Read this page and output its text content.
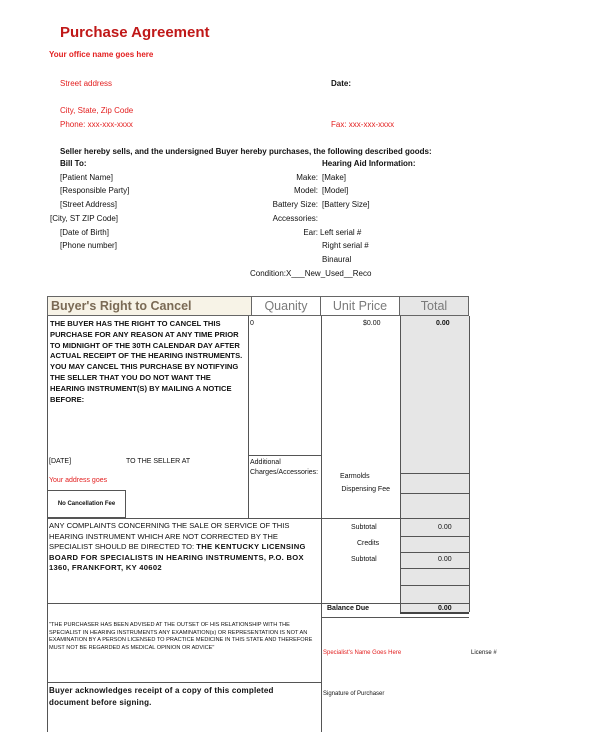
Purchase Agreement
Your office name goes here
Street address	Date:
City, State, Zip Code
Phone: xxx-xxx-xxxx	Fax: xxx-xxx-xxxx
Seller hereby sells, and the undersigned Buyer hereby purchases, the following described goods:
Bill To:	Hearing Aid Information:
[Patient Name]
[Responsible Party]
[Street Address]
[City, ST ZIP Code]
[Date of Birth]
[Phone number]
Make: [Make]
Model: [Model]
Battery Size: [Battery Size]
Accessories:
Ear: Left serial #
Right serial #
Binaural
Condition:X___New_Used__Reco
Buyer's Right to Cancel	Quanity Unit Price	Total
THE BUYER HAS THE RIGHT TO CANCEL THIS PURCHASE FOR ANY REASON AT ANY TIME PRIOR TO MIDNIGHT OF THE 30TH CALENDAR DAY AFTER ACTUAL RECEIPT OF THE HEARING INSTRUMENTS. YOU MAY CANCEL THIS PURCHASE BY NOTIFYING THE SELLER THAT YOU DO NOT WANT THE HEARING INSTRUMENT(S) BY MAILING A NOTICE BEFORE:
0	$0.00	0.00
[DATE]	TO THE SELLER AT	Additional Charges/Accessories:
Your address goes
Earmolds
Dispensing Fee
No Cancellation Fee
ANY COMPLAINTS CONCERNING THE SALE OR SERVICE OF THIS HEARING INSTRUMENT WHICH ARE NOT CORRECTED BY THE SPECIALIST SHOULD BE DIRECTED TO: THE KENTUCKY LICENSING BOARD FOR SPECIALISTS IN HEARING INSTRUMENTS, P.O. BOX 1360, FRANKFORT, KY 40602
Subtotal	0.00
Credits
Subtotal	0.00
Balance Due	0.00
"THE PURCHASER HAS BEEN ADVISED AT THE OUTSET OF HIS RELATIONSHIP WITH THE SPECIALIST IN HEARING INSTRUMENTS ANY EXAMINATION(s) OR REPRESENTATION IS NOT AN EXAMINATION BY A PERSON LICENSED TO PRACTICE MEDICINE IN THIS STATE AND THEREFORE MUST NOT BE REGARDED AS MEDICAL OPINION OR ADVICE"
Specialist's Name Goes Here	License #
Buyer acknowledges receipt of a copy of this completed document before signing.
Signature of Purchaser
